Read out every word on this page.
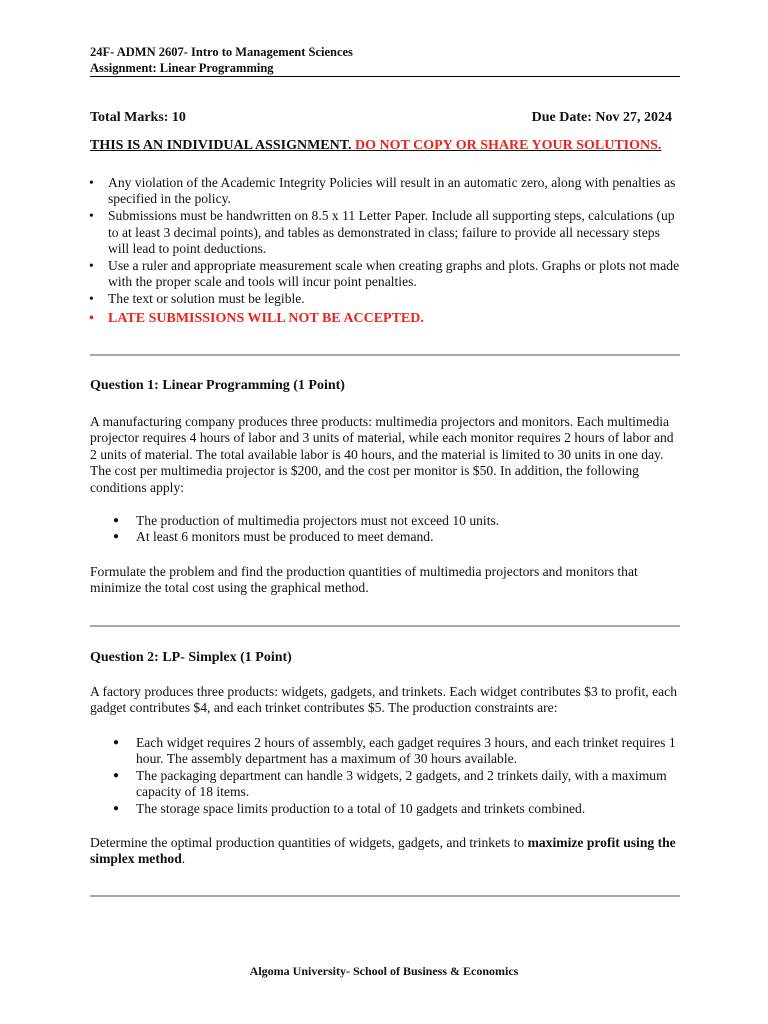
24F- ADMN 2607- Intro to Management Sciences
Assignment: Linear Programming
Total Marks: 10	Due Date: Nov 27, 2024
THIS IS AN INDIVIDUAL ASSIGNMENT. DO NOT COPY OR SHARE YOUR SOLUTIONS.
• Any violation of the Academic Integrity Policies will result in an automatic zero, along with penalties as specified in the policy.
• Submissions must be handwritten on 8.5 x 11 Letter Paper. Include all supporting steps, calculations (up to at least 3 decimal points), and tables as demonstrated in class; failure to provide all necessary steps will lead to point deductions.
• Use a ruler and appropriate measurement scale when creating graphs and plots. Graphs or plots not made with the proper scale and tools will incur point penalties.
• The text or solution must be legible.
• LATE SUBMISSIONS WILL NOT BE ACCEPTED.
Question 1: Linear Programming (1 Point)

A manufacturing company produces three products: multimedia projectors and monitors. Each multimedia projector requires 4 hours of labor and 3 units of material, while each monitor requires 2 hours of labor and 2 units of material. The total available labor is 40 hours, and the material is limited to 30 units in one day. The cost per multimedia projector is $200, and the cost per monitor is $50. In addition, the following conditions apply:

● The production of multimedia projectors must not exceed 10 units.
● At least 6 monitors must be produced to meet demand.

Formulate the problem and find the production quantities of multimedia projectors and monitors that minimize the total cost using the graphical method.

Question 2: LP- Simplex (1 Point)

A factory produces three products: widgets, gadgets, and trinkets. Each widget contributes $3 to profit, each gadget contributes $4, and each trinket contributes $5. The production constraints are:

● Each widget requires 2 hours of assembly, each gadget requires 3 hours, and each trinket requires 1 hour. The assembly department has a maximum of 30 hours available.
● The packaging department can handle 3 widgets, 2 gadgets, and 2 trinkets daily, with a maximum capacity of 18 items.
● The storage space limits production to a total of 10 gadgets and trinkets combined.

Determine the optimal production quantities of widgets, gadgets, and trinkets to maximize profit using the simplex method.

Algoma University- School of Business & Economics
